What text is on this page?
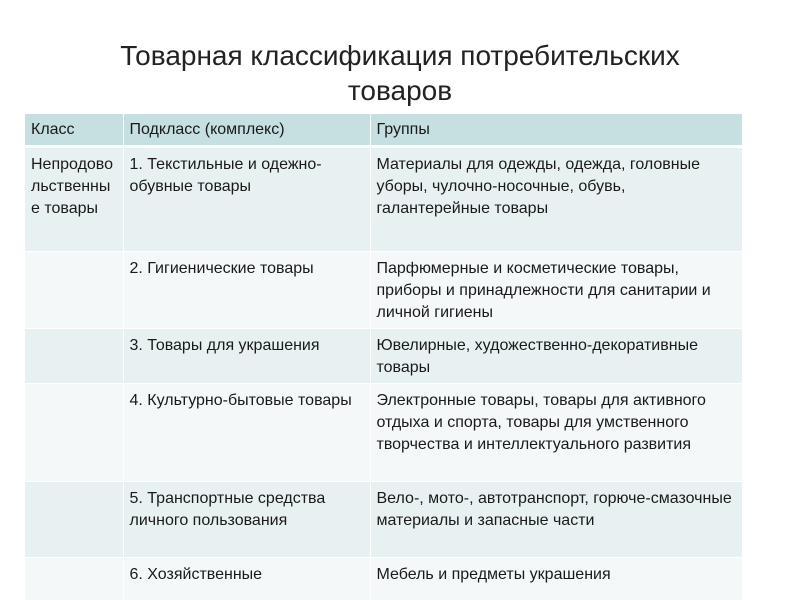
Товарная классификация потребительских
товаров
Класс	Подкласс (комплекс)	Группы
Непродовольственные товары	1. Текстильные и одежно-обувные товары	Материалы для одежды, одежда, головные уборы, чулочно-носочные, обувь, галантерейные товары
	2. Гигиенические товары	Парфюмерные и косметические товары, приборы и принадлежности для санитарии и личной гигиены
	3. Товары для украшения	Ювелирные, художественно-декоративные товары
	4. Культурно-бытовые товары	Электронные товары, товары для активного отдыха и спорта, товары для умственного творчества и интеллектуального развития
	5. Транспортные средства личного пользования	Вело-, мото-, автотранспорт, горюче-смазочные материалы и запасные части
	6. Хозяйственные	Мебель и предметы украшения
